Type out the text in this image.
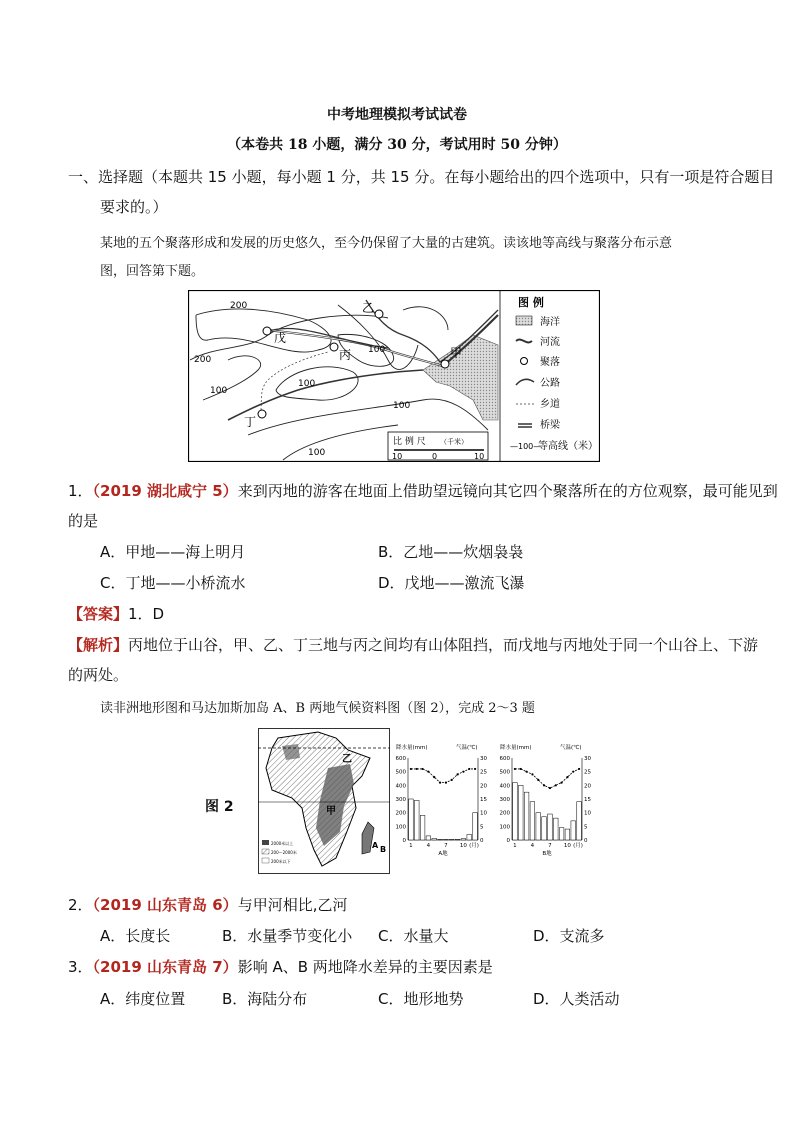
中考地理模拟考试试卷
（本卷共 18 小题，满分 30 分，考试用时 50 分钟）
一、选择题（本题共 15 小题，每小题 1 分，共 15 分。在每小题给出的四个选项中，只有一项是符合题目
要求的。）
某地的五个聚落形成和发展的历史悠久，至今仍保留了大量的古建筑。读该地等高线与聚落分布示意
图，回答第下题。
200
200
100
100
100
100
100
乙
戊
丙	甲
丁
比 例 尺 （千米）
10	0	10
图 例
海洋
河流
聚落
公路
乡道
桥梁
—100—
等高线（米）
1．（2019 湖北咸宁 5）来到丙地的游客在地面上借助望远镜向其它四个聚落所在的方位观察，最可能见到
的是
A．甲地——海上明月	B．乙地——炊烟袅袅
C．丁地——小桥流水	D．戊地——激流飞瀑
【答案】1．D
【解析】丙地位于山谷，甲、乙、丁三地与丙之间均有山体阻挡，而戊地与丙地处于同一个山谷上、下游
的两处。
读非洲地形图和马达加斯加岛 A、B 两地气候资料图（图 2），完成 2～3 题
图 2
乙
甲
A B
2000米以上
200～2000米
200米以下
降水量(mm)	气温(℃)
600
500
400
300
200
100
0
30
25
20
15
10
5
0
1	4	7 10 (月)
A地
降水量(mm)	气温(℃)
600
500
400
300
200
100
0
30
25
20
15
10
5
0
1	4	7 10 (月)
B地
2．（2019 山东青岛 6）与甲河相比,乙河
A．长度长	B．水量季节变化小 C．水量大	D．支流多
3．（2019 山东青岛 7）影响 A、B 两地降水差异的主要因素是
A．纬度位置 B．海陆分布	C．地形地势	D．人类活动
